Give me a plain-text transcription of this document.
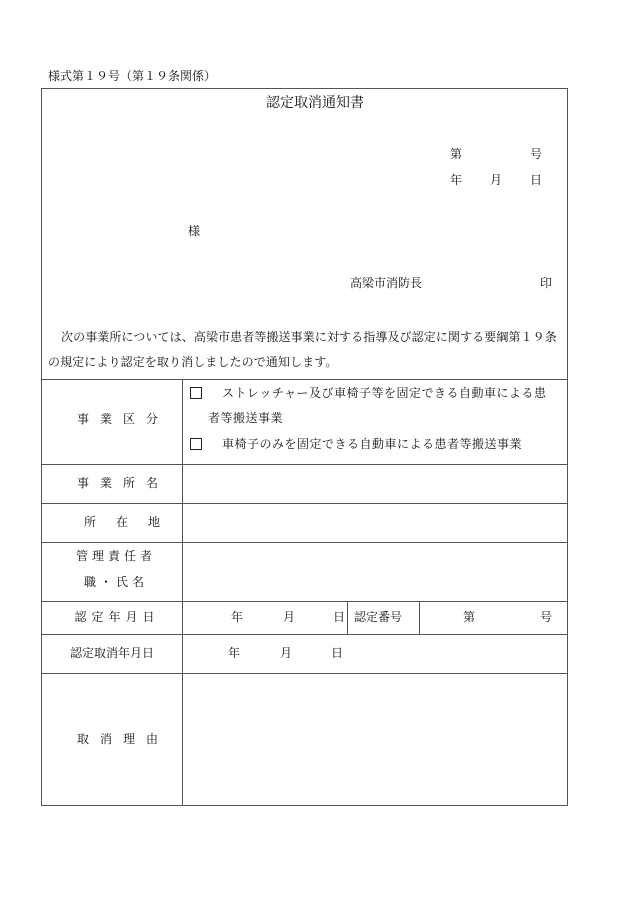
様式第１９号（第１９条関係）
認定取消通知書
第	号
年 月 日
様
高梁市消防長	印
次の事業所については、高梁市患者等搬送事業に対する指導及び認定に関する要綱第１９条の規定により認定を取り消しましたので通知します。
事業区分
ストレッチャー及び車椅子等を固定できる自動車による患
者等搬送事業
車椅子のみを固定できる自動車による患者等搬送事業
事業所名
所在地
管理責任者
職・氏名
認定年月日	年	月	日 認定番号	第	号
認定取消年月日	年	月	日
取消理由
